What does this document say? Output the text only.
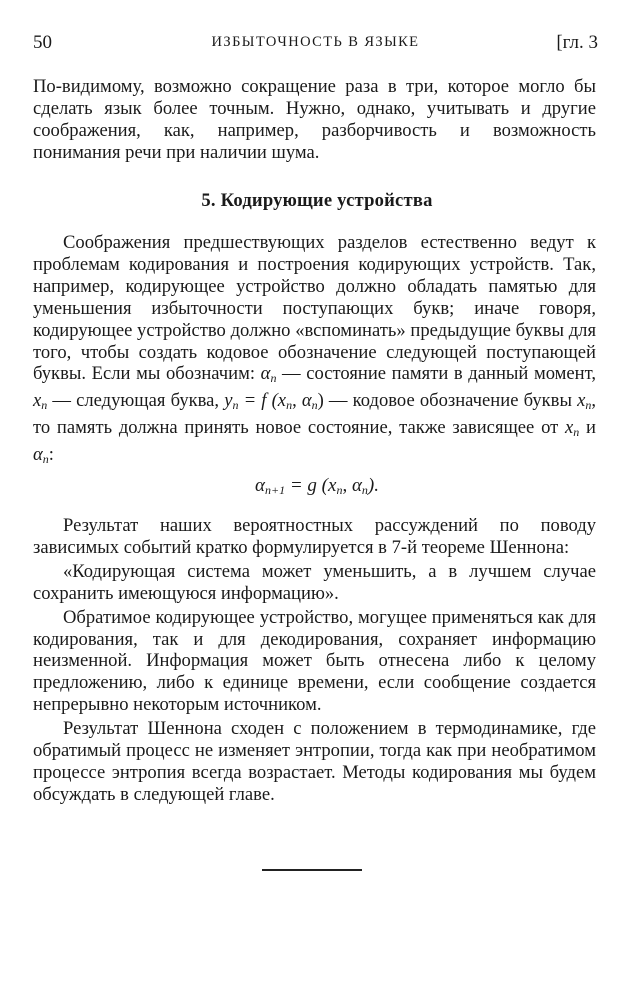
50	ИЗБЫТОЧНОСТЬ В ЯЗЫКЕ	[гл. 3

По-видимому, возможно сокращение раза в три, которое могло бы сделать язык более точным. Нужно, однако, учитывать и другие соображения, как, например, разборчивость и возможность понимания речи при наличии шума.

5. Кодирующие устройства

Соображения предшествующих разделов естественно ведут к проблемам кодирования и построения кодирующих устройств. Так, например, кодирующее устройство должно обладать памятью для уменьшения избыточности поступающих букв; иначе говоря, кодирующее устройство должно «вспоминать» предыдущие буквы для того, чтобы создать кодовое обозначение следующей поступающей буквы. Если мы обозначим: $\alpha_n$ — состояние памяти в данный момент, $x_n$ — следующая буква, $y_n = f$ ($x_n$, $\alpha_n$) — кодовое обозначение буквы $x_n$, то память должна принять новое состояние, также зависящее от $x_n$ и $\alpha_n$:

$\alpha_{n+1} = g$ ($x_n$, $\alpha_n$).

Результат наших вероятностных рассуждений по поводу зависимых событий кратко формулируется в 7-й теореме Шеннона:

«Кодирующая система может уменьшить, а в лучшем случае сохранить имеющуюся информацию».

Обратимое кодирующее устройство, могущее применяться как для кодирования, так и для декодирования, сохраняет информацию неизменной. Информация может быть отнесена либо к целому предложению, либо к единице времени, если сообщение создается непрерывно некоторым источником.

Результат Шеннона сходен с положением в термодинамике, где обратимый процесс не изменяет энтропии, тогда как при необратимом процессе энтропия всегда возрастает. Методы кодирования мы будем обсуждать в следующей главе.
